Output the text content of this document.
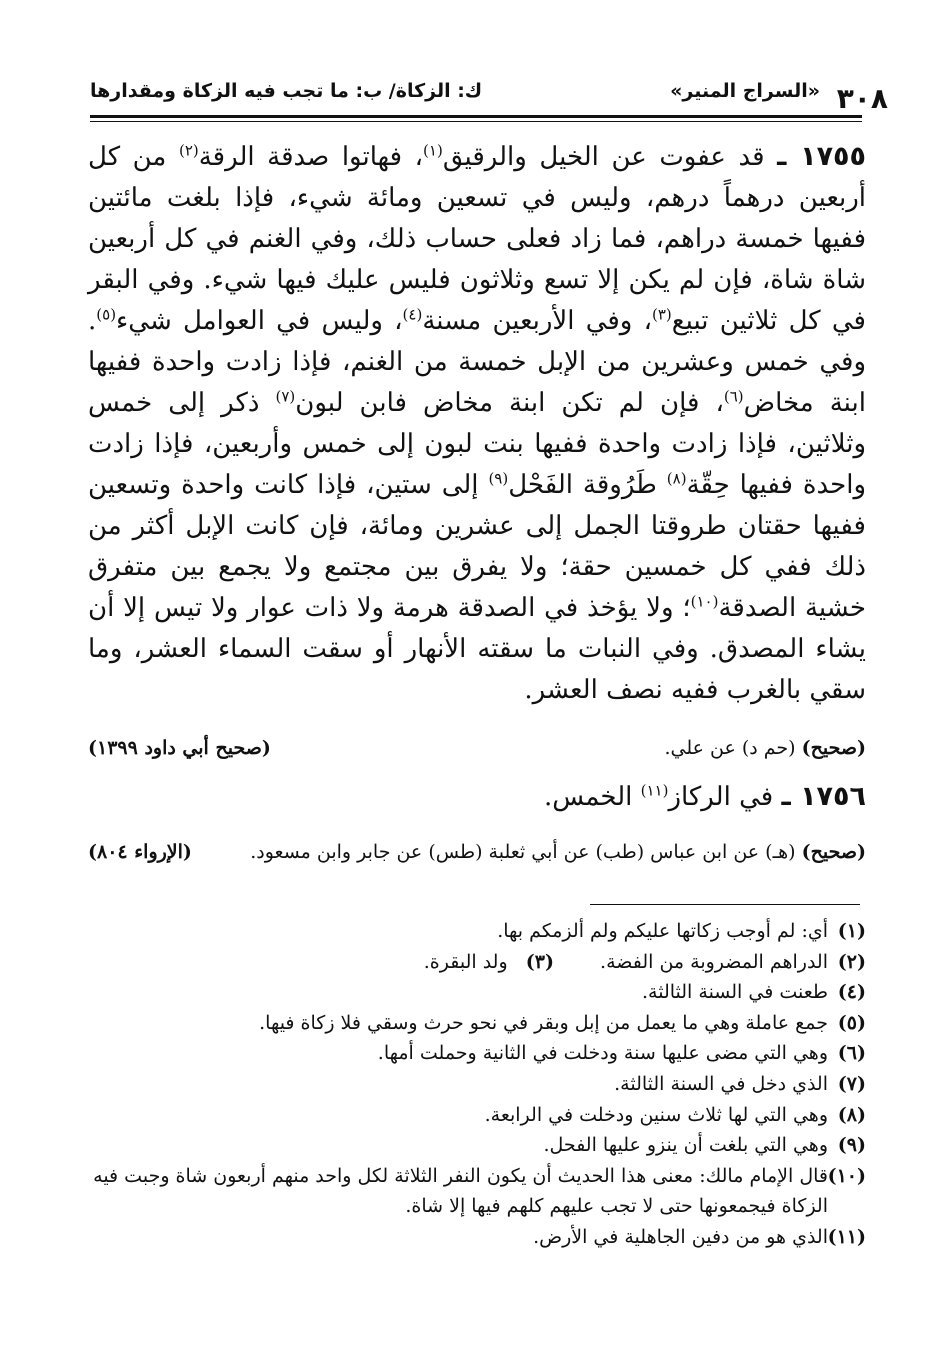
٣٠٨
«السراج المنير»
ك: الزكاة/ ب: ما تجب فيه الزكاة ومقدارها
١٧٥٥ ـ قد عفوت عن الخيل والرقيق$^{(١)}$، فهاتوا صدقة الرقة$^{(٢)}$ من كل أربعين درهماً درهم، وليس في تسعين ومائة شيء، فإذا بلغت مائتين ففيها خمسة دراهم، فما زاد فعلى حساب ذلك، وفي الغنم في كل أربعين شاة شاة، فإن لم يكن إلا تسع وثلاثون فليس عليك فيها شيء. وفي البقر في كل ثلاثين تبيع$^{(٣)}$، وفي الأربعين مسنة$^{(٤)}$، وليس في العوامل شيء$^{(٥)}$. وفي خمس وعشرين من الإبل خمسة من الغنم، فإذا زادت واحدة ففيها ابنة مخاض$^{(٦)}$، فإن لم تكن ابنة مخاض فابن لبون$^{(٧)}$ ذكر إلى خمس وثلاثين، فإذا زادت واحدة ففيها بنت لبون إلى خمس وأربعين، فإذا زادت واحدة ففيها حِقّة$^{(٨)}$ طَرُوقة الفَحْل$^{(٩)}$ إلى ستين، فإذا كانت واحدة وتسعين ففيها حقتان طروقتا الجمل إلى عشرين ومائة، فإن كانت الإبل أكثر من ذلك ففي كل خمسين حقة؛ ولا يفرق بين مجتمع ولا يجمع بين متفرق خشية الصدقة$^{(١٠)}$؛ ولا يؤخذ في الصدقة هرمة ولا ذات عوار ولا تيس إلا أن يشاء المصدق. وفي النبات ما سقته الأنهار أو سقت السماء العشر، وما سقي بالغرب ففيه نصف العشر.
(صحيح) (حم د) عن علي.
(صحيح أبي داود ١٣٩٩)
١٧٥٦ ـ في الركاز$^{(١١)}$ الخمس.
(صحيح) (هـ) عن ابن عباس (طب) عن أبي ثعلبة (طس) عن جابر وابن مسعود.
(الإرواء ٨٠٤)
(١)
أي: لم أوجب زكاتها عليكم ولم ألزمكم بها.
(٢)
الدراهم المضروبة من الفضة. (٣)   ولد البقرة.
(٤)
طعنت في السنة الثالثة.
(٥)
جمع عاملة وهي ما يعمل من إبل وبقر في نحو حرث وسقي فلا زكاة فيها.
(٦)
وهي التي مضى عليها سنة ودخلت في الثانية وحملت أمها.
(٧)
الذي دخل في السنة الثالثة.
(٨)
وهي التي لها ثلاث سنين ودخلت في الرابعة.
(٩)
وهي التي بلغت أن ينزو عليها الفحل.
(١٠)
قال الإمام مالك: معنى هذا الحديث أن يكون النفر الثلاثة لكل واحد منهم أربعون شاة وجبت فيه الزكاة فيجمعونها حتى لا تجب عليهم كلهم فيها إلا شاة.
(١١)
الذي هو من دفين الجاهلية في الأرض.
